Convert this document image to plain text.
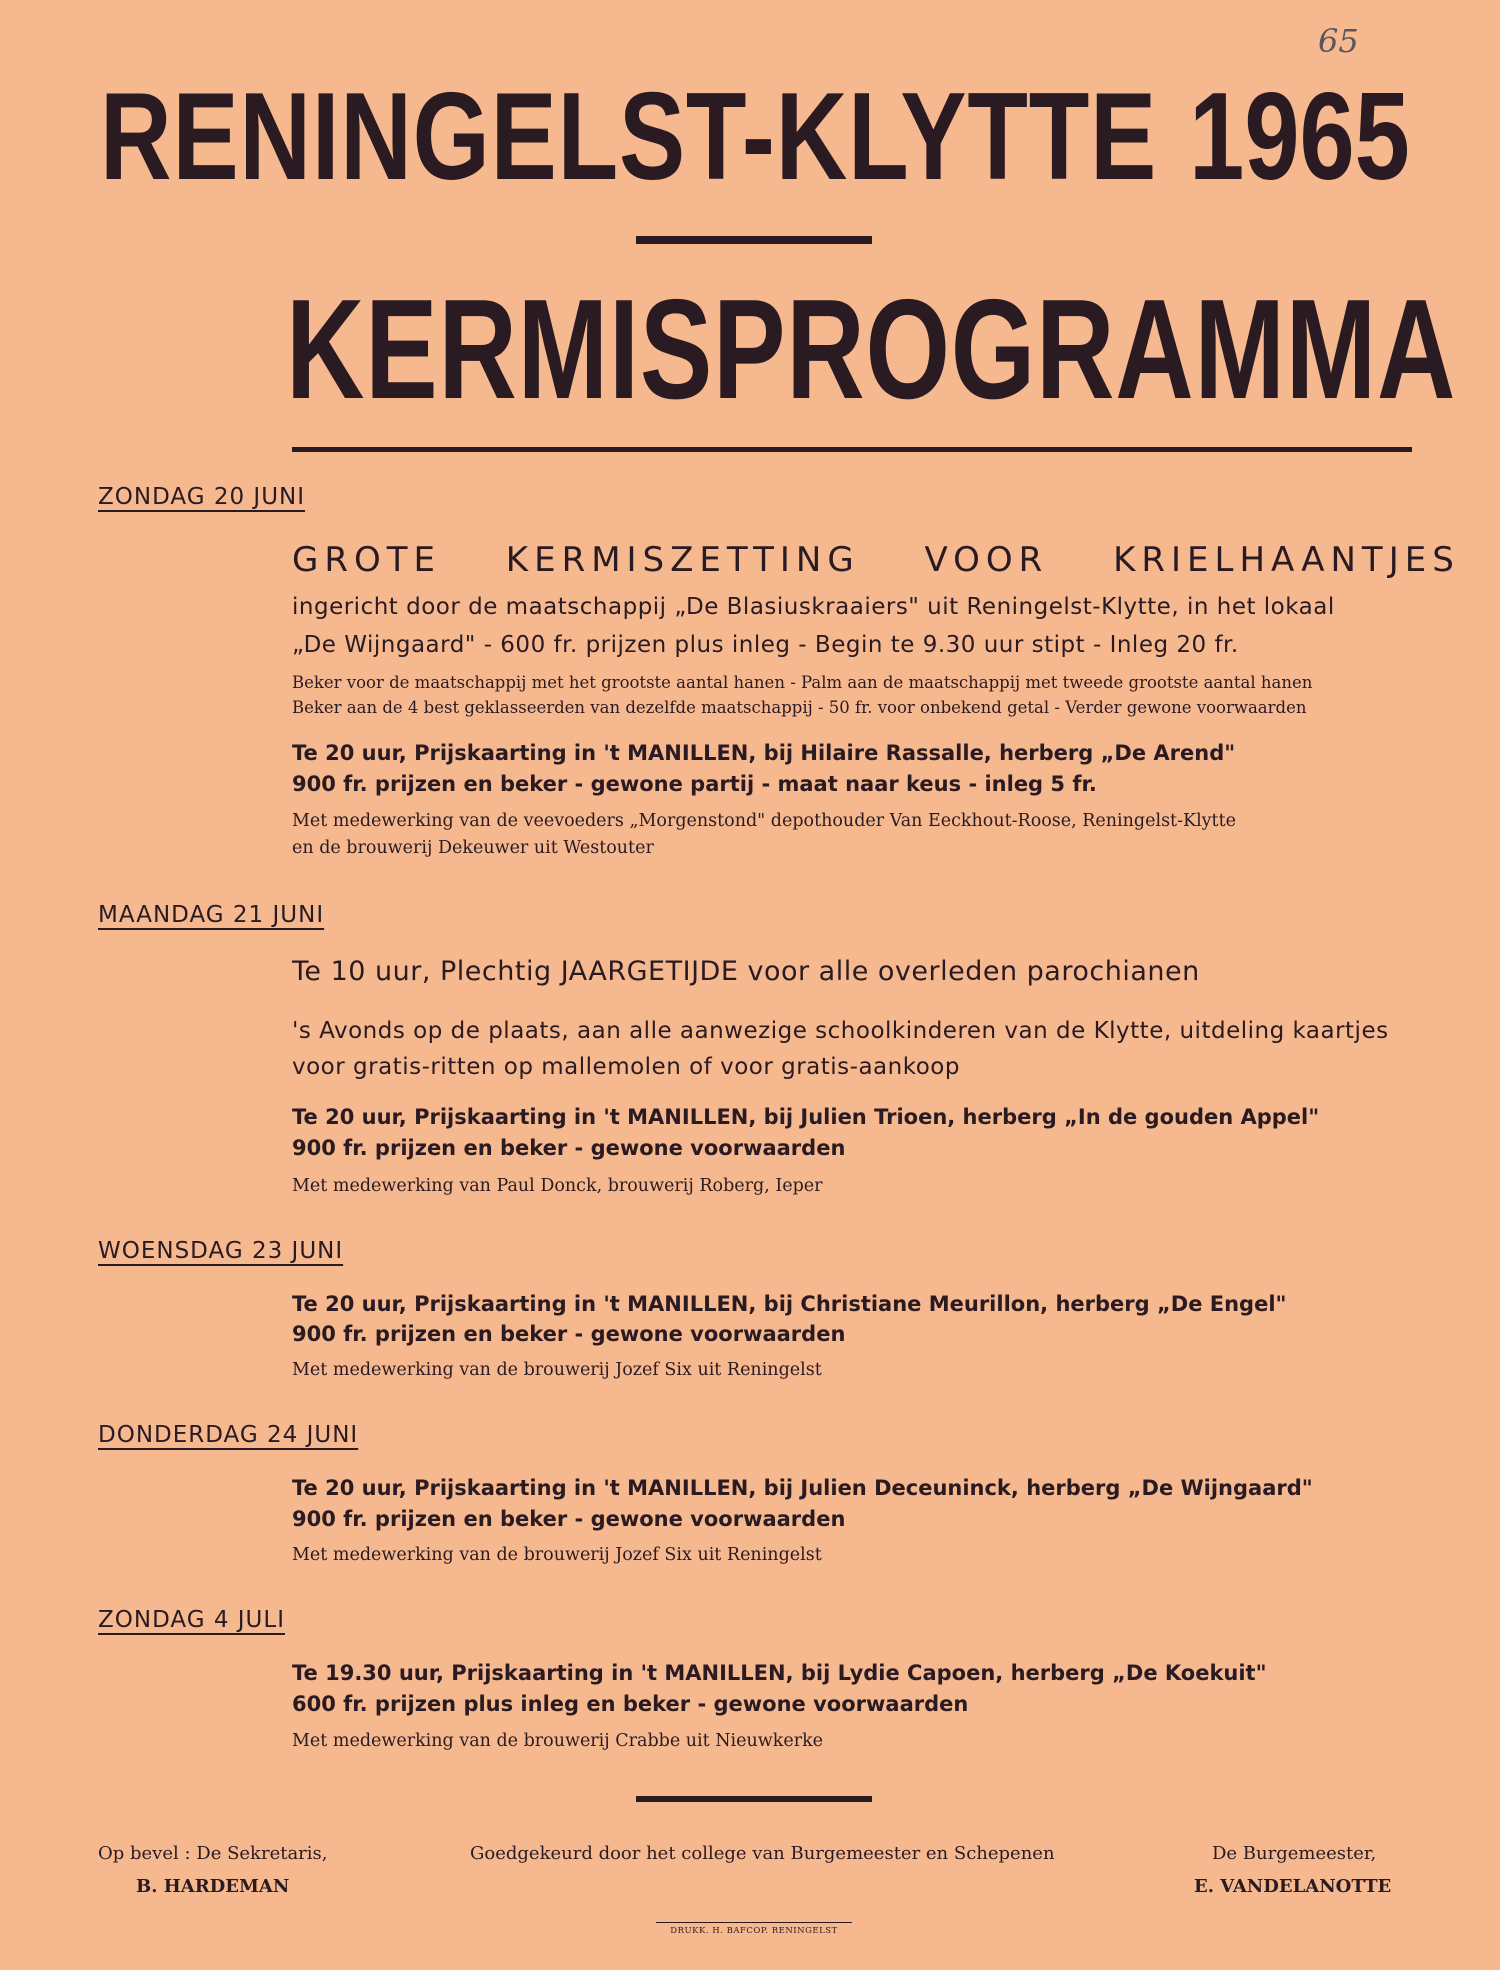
65
RENINGELST-KLYTTE 1965
KERMISPROGRAMMA
ZONDAG 20 JUNI
GROTE KERMISZETTING VOOR KRIELHAANTJES
ingericht door de maatschappij „De Blasiuskraaiers" uit Reningelst-Klytte, in het lokaal
„De Wijngaard" - 600 fr. prijzen plus inleg - Begin te 9.30 uur stipt - Inleg 20 fr.
Beker voor de maatschappij met het grootste aantal hanen - Palm aan de maatschappij met tweede grootste aantal hanen
Beker aan de 4 best geklasseerden van dezelfde maatschappij - 50 fr. voor onbekend getal - Verder gewone voorwaarden
Te 20 uur, Prijskaarting in 't MANILLEN, bij Hilaire Rassalle, herberg „De Arend"
900 fr. prijzen en beker - gewone partij - maat naar keus - inleg 5 fr.
Met medewerking van de veevoeders „Morgenstond" depothouder Van Eeckhout-Roose, Reningelst-Klytte
en de brouwerij Dekeuwer uit Westouter
MAANDAG 21 JUNI
Te 10 uur, Plechtig JAARGETIJDE voor alle overleden parochianen
's Avonds op de plaats, aan alle aanwezige schoolkinderen van de Klytte, uitdeling kaartjes
voor gratis-ritten op mallemolen of voor gratis-aankoop
Te 20 uur, Prijskaarting in 't MANILLEN, bij Julien Trioen, herberg „In de gouden Appel"
900 fr. prijzen en beker - gewone voorwaarden
Met medewerking van Paul Donck, brouwerij Roberg, Ieper
WOENSDAG 23 JUNI
Te 20 uur, Prijskaarting in 't MANILLEN, bij Christiane Meurillon, herberg „De Engel"
900 fr. prijzen en beker - gewone voorwaarden
Met medewerking van de brouwerij Jozef Six uit Reningelst
DONDERDAG 24 JUNI
Te 20 uur, Prijskaarting in 't MANILLEN, bij Julien Deceuninck, herberg „De Wijngaard"
900 fr. prijzen en beker - gewone voorwaarden
Met medewerking van de brouwerij Jozef Six uit Reningelst
ZONDAG 4 JULI
Te 19.30 uur, Prijskaarting in 't MANILLEN, bij Lydie Capoen, herberg „De Koekuit"
600 fr. prijzen plus inleg en beker - gewone voorwaarden
Met medewerking van de brouwerij Crabbe uit Nieuwkerke
Op bevel : De Sekretaris,
B. HARDEMAN
Goedgekeurd door het college van Burgemeester en Schepenen	De Burgemeester,
E. VANDELANOTTE
DRUKK. H. BAFCOP. RENINGELST
